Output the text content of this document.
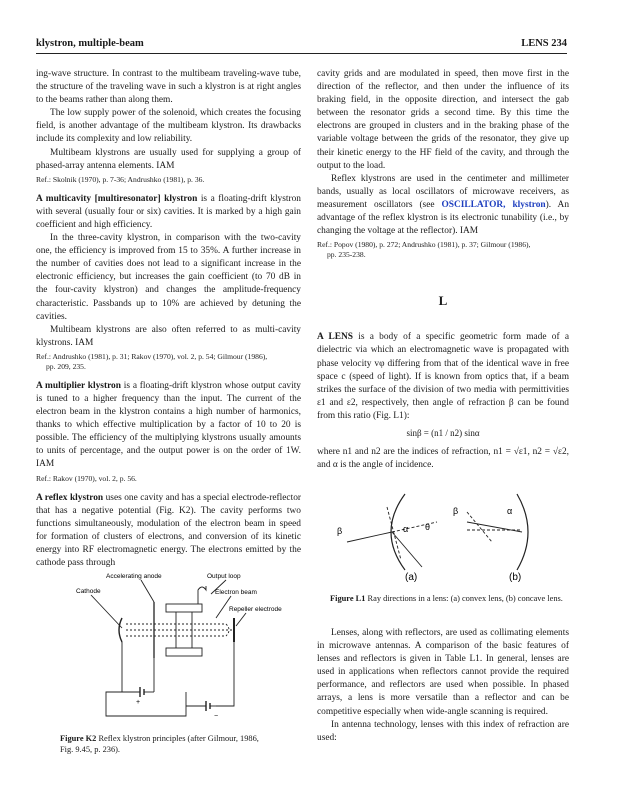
klystron, multiple-beam	LENS 234

ing-wave structure. In contrast to the multibeam traveling-wave tube, the structure of the traveling wave in such a klystron is at right angles to the beams rather than along them.

The low supply power of the solenoid, which creates the focusing field, is another advantage of the multibeam klystron. Its drawbacks include its complexity and low reliability.

Multibeam klystrons are usually used for supplying a group of phased-array antenna elements. IAM

Ref.: Skolnik (1970), p. 7-36; Andrushko (1981), p. 36.

A multicavity [multiresonator] klystron is a floating-drift klystron with several (usually four or six) cavities. It is marked by a high gain coefficient and high efficiency.

In the three-cavity klystron, in comparison with the two-cavity one, the efficiency is improved from 15 to 35%. A further increase in the number of cavities does not lead to a significant increase in the electronic efficiency, but increases the gain coefficient (to 70 dB in the four-cavity klystron) and changes the amplitude-frequency characteristic. Passbands up to 10% are achieved by detuning the cavities.

Multibeam klystrons are also often referred to as multi-cavity klystrons. IAM

Ref.: Andrushko (1981), p. 31; Rakov (1970), vol. 2, p. 54; Gilmour (1986),
pp. 209, 235.

A multiplier klystron is a floating-drift klystron whose output cavity is tuned to a higher frequency than the input. The current of the electron beam in the klystron contains a high number of harmonics, thanks to which effective multiplication by a factor of 10 to 20 is possible. The efficiency of the multiplying klystrons usually amounts to units of percentage, and the output power is on the order of 1W. IAM

Ref.: Rakov (1970), vol. 2, p. 56.

A reflex klystron uses one cavity and has a special electrode-reflector that has a negative potential (Fig. K2). The cavity performs two functions simultaneously, modulation of the electron beam in speed for formation of clusters of electrons, and conversion of its kinetic energy into RF electromagnetic energy. The electrons emitted by the cathode pass through

Accelerating anode	Output loop
Cathode	Electron beam
Repeller electrode
+
−
Figure K2 Reflex klystron principles (after Gilmour, 1986,
Fig. 9.45, p. 236).

cavity grids and are modulated in speed, then move first in the direction of the reflector, and then under the influence of its braking field, in the opposite direction, and intersect the gab between the resonator grids a second time. By this time the electrons are grouped in clusters and in the braking phase of the variable voltage between the grids of the resonator, they give up their kinetic energy to the HF field of the cavity, and through the output to the load.

Reflex klystrons are used in the centimeter and millimeter bands, usually as local oscillators of microwave receivers, as measurement oscillators (see OSCILLATOR, klystron). An advantage of the reflex klystron is its electronic tunability (i.e., by changing the voltage at the reflector). IAM

Ref.: Popov (1980), p. 272; Andrushko (1981), p. 37; Gilmour (1986),
pp. 235-238.

L

A LENS is a body of a specific geometric form made of a dielectric via which an electromagnetic wave is propagated with phase velocity vφ differing from that of the identical wave in free space c (speed of light). If is known from optics that, if a beam strikes the surface of the division of two media with permittivities ε1 and ε2, respectively, then angle of refraction β can be found from this ratio (Fig. L1):

sinβ = (n1 / n2) sinα

where n1 and n2 are the indices of refraction, n1 = √ε1, n2 = √ε2, and α is the angle of incidence.

β	α θ
β	α
(a)	(b)
Figure L1 Ray directions in a lens: (a) convex lens, (b) concave lens.

Lenses, along with reflectors, are used as collimating elements in microwave antennas. A comparison of the basic features of lenses and reflectors is given in Table L1. In general, lenses are used in applications when reflectors cannot provide the required performance, and reflectors are used when possible. In phased arrays, a lens is more versatile than a reflector and can be competitive especially when wide-angle scanning is required.

In antenna technology, lenses with this index of refraction are used:
